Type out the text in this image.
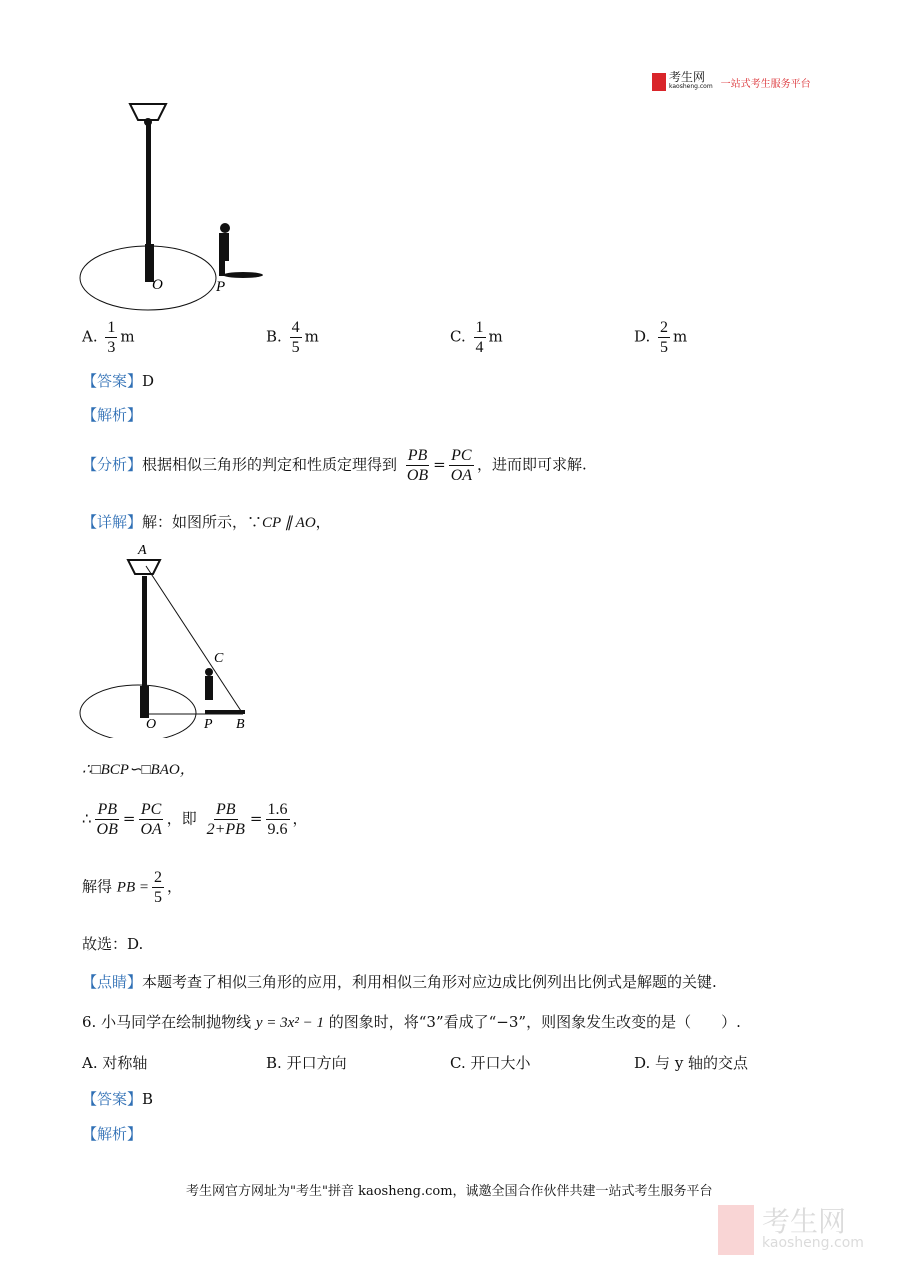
考生网
kaosheng.com 一站式考生服务平台
O	P
A. $\frac{1}{3}$ m	B. $\frac{4}{5}$ m	C. $\frac{1}{4}$ m	D. $\frac{2}{5}$ m
【答案】D
【解析】
【分析】根据相似三角形的判定和性质定理得到 $\frac{PB}{OB} = \frac{PC}{OA}$ ，进而即可求解.
【详解】解：如图所示，∵CP ∥ AO，
A
C
O	P B
∴□BCP∽□BAO，
∴ $\frac{PB}{OB} = \frac{PC}{OA}$ ，即 $\frac{PB}{2+PB} = \frac{1.6}{9.6}$ ，
解得 PB = $\frac{2}{5}$ ，
故选：D.
【点睛】本题考查了相似三角形的应用，利用相似三角形对应边成比例列出比例式是解题的关键.
6. 小马同学在绘制抛物线 y = 3x² − 1 的图象时，将“3”看成了“−3”，则图象发生改变的是（　　）.
A. 对称轴	B. 开口方向	C. 开口大小	D. 与 y 轴的交点
【答案】B
【解析】
考生网官方网址为"考生"拼音 kaosheng.com，诚邀全国合作伙伴共建一站式考生服务平台
考生网
kaosheng.com
